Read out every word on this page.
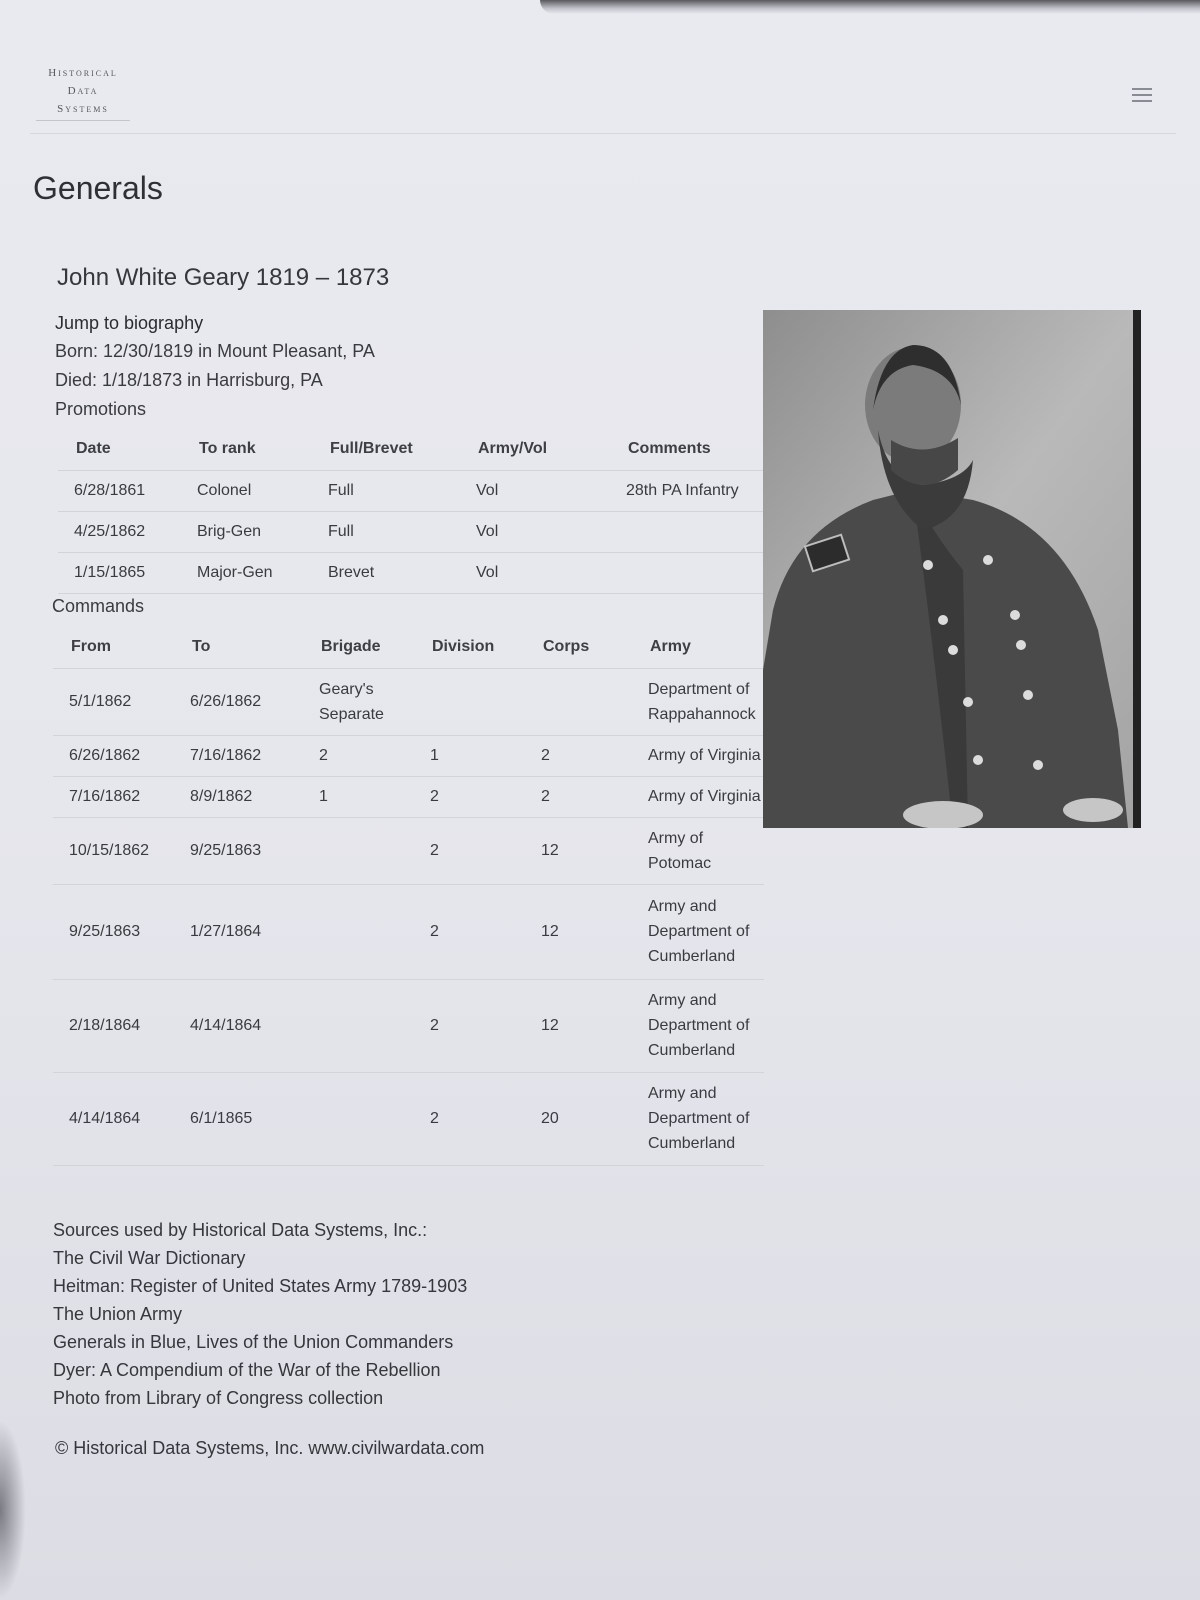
Historical
Data
Systems
Generals
John White Geary 1819 – 1873
Jump to biography
Born: 12/30/1819 in Mount Pleasant, PA
Died: 1/18/1873 in Harrisburg, PA
Promotions
Date	To rank	Full/Brevet	Army/Vol	Comments
6/28/1861	Colonel	Full	Vol	28th PA Infantry
4/25/1862	Brig-Gen	Full	Vol	
1/15/1865	Major-Gen	Brevet	Vol	
Commands
From	To	Brigade	Division	Corps	Army
5/1/1862	6/26/1862	Geary's Separate			Department of Rappahannock
6/26/1862	7/16/1862	2	1	2	Army of Virginia
7/16/1862	8/9/1862	1	2	2	Army of Virginia
10/15/1862	9/25/1863		2	12	Army of Potomac
9/25/1863	1/27/1864		2	12	Army and Department of Cumberland
2/18/1864	4/14/1864		2	12	Army and Department of Cumberland
4/14/1864	6/1/1865		2	20	Army and Department of Cumberland
Sources used by Historical Data Systems, Inc.:
The Civil War Dictionary
Heitman: Register of United States Army 1789-1903
The Union Army
Generals in Blue, Lives of the Union Commanders
Dyer: A Compendium of the War of the Rebellion
Photo from Library of Congress collection
© Historical Data Systems, Inc. www.civilwardata.com
